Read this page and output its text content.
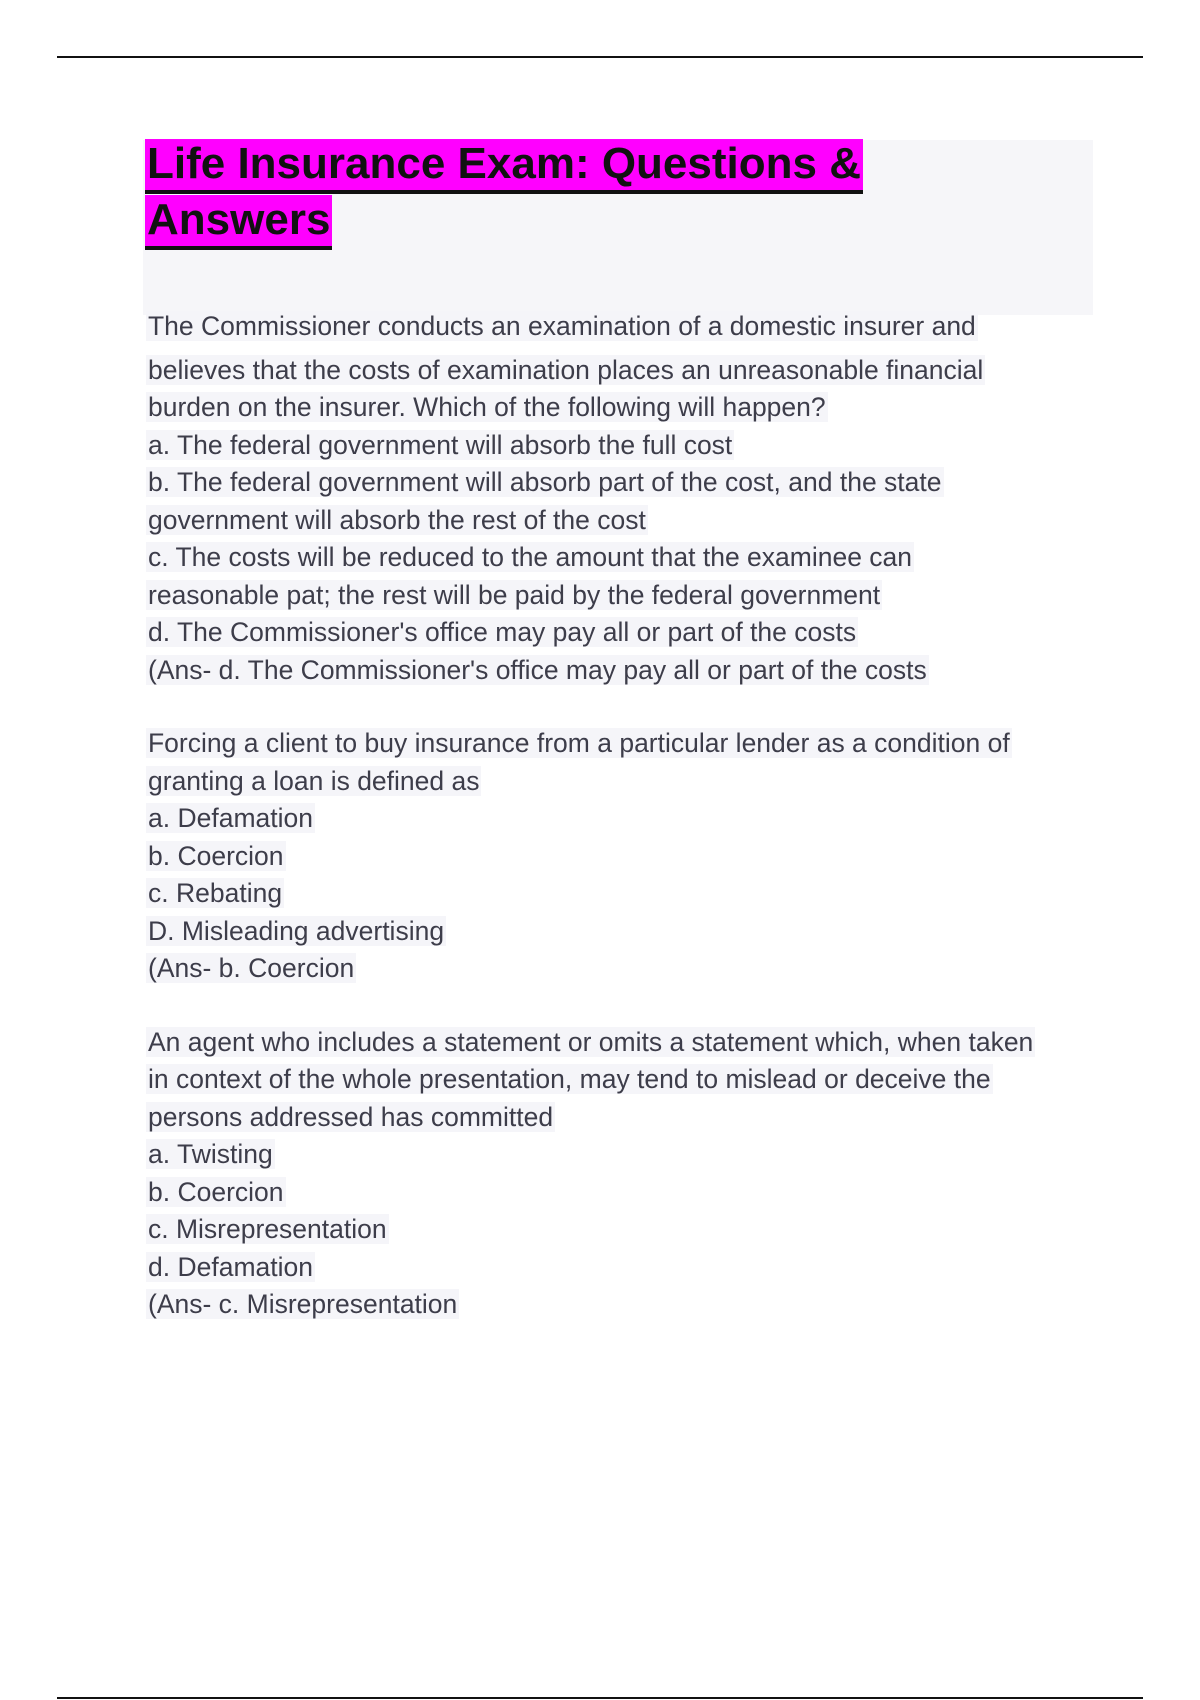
Life Insurance Exam: Questions &
Answers
The Commissioner conducts an examination of a domestic insurer and
believes that the costs of examination places an unreasonable financial
burden on the insurer. Which of the following will happen?
a. The federal government will absorb the full cost
b. The federal government will absorb part of the cost, and the state
government will absorb the rest of the cost
c. The costs will be reduced to the amount that the examinee can
reasonable pat; the rest will be paid by the federal government
d. The Commissioner's office may pay all or part of the costs
(Ans- d. The Commissioner's office may pay all or part of the costs
Forcing a client to buy insurance from a particular lender as a condition of
granting a loan is defined as
a. Defamation
b. Coercion
c. Rebating
D. Misleading advertising
(Ans- b. Coercion
An agent who includes a statement or omits a statement which, when taken
in context of the whole presentation, may tend to mislead or deceive the
persons addressed has committed
a. Twisting
b. Coercion
c. Misrepresentation
d. Defamation
(Ans- c. Misrepresentation
